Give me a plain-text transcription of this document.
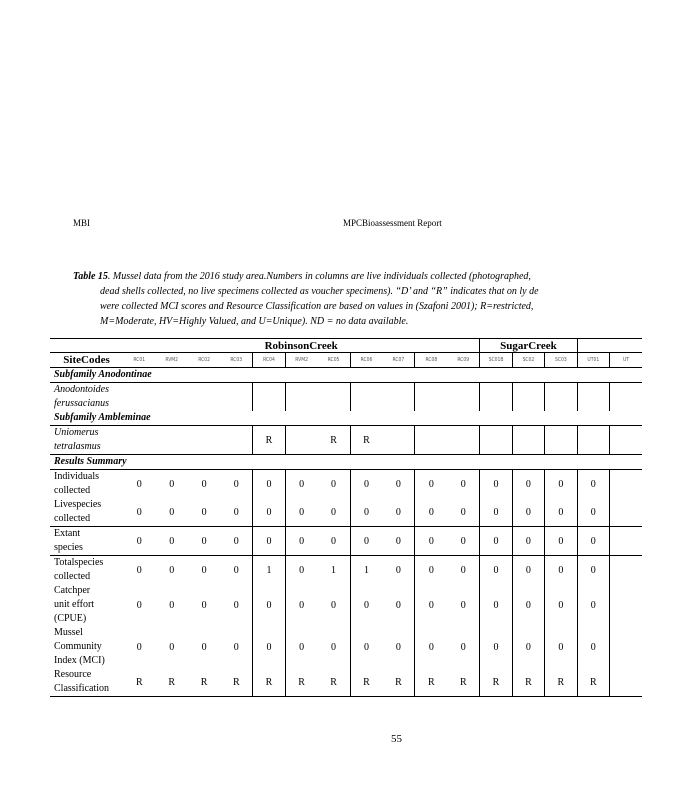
MBI	MPCBioassessment Report
Table 15. Mussel data from the 2016 study area.Numbers in columns are live individuals collected (photographed,
dead shells collected, no live specimens collected as voucher specimens). “D’ and “R” indicates that on ly de
were collected MCI scores and Resource Classification are based on values in (Szafoni 2001); R=restricted,
M=Moderate, HV=Highly Valued, and U=Unique). ND = no data available.
	RobinsonCreek											SugarCreek				
SiteCodes	RC01	RVM2	RC02	RC03	RC04	RVM2	RC05	RC06	RC07	RC08	RC09	SC01B	SC02	SC03	UT01	UT
Subfamily Anodontinae																
Anodontoides
ferussacianus																
Subfamily Ambleminae																
Uniomerus
tetralasmus					R		R	R								
Results Summary																
Individuals
collected	0	0	0	0	0	0	0	0	0	0	0	0	0	0	0	
Livespecies
collected	0	0	0	0	0	0	0	0	0	0	0	0	0	0	0	
Extant
species	0	0	0	0	0	0	0	0	0	0	0	0	0	0	0	
Totalspecies
collected	0	0	0	0	1	0	1	1	0	0	0	0	0	0	0	
Catchper
unit effort
(CPUE)	0	0	0	0	0	0	0	0	0	0	0	0	0	0	0	
Mussel
Community
Index (MCI)	0	0	0	0	0	0	0	0	0	0	0	0	0	0	0	
Resource
Classification	R	R	R	R	R	R	R	R	R	R	R	R	R	R	R	
55
